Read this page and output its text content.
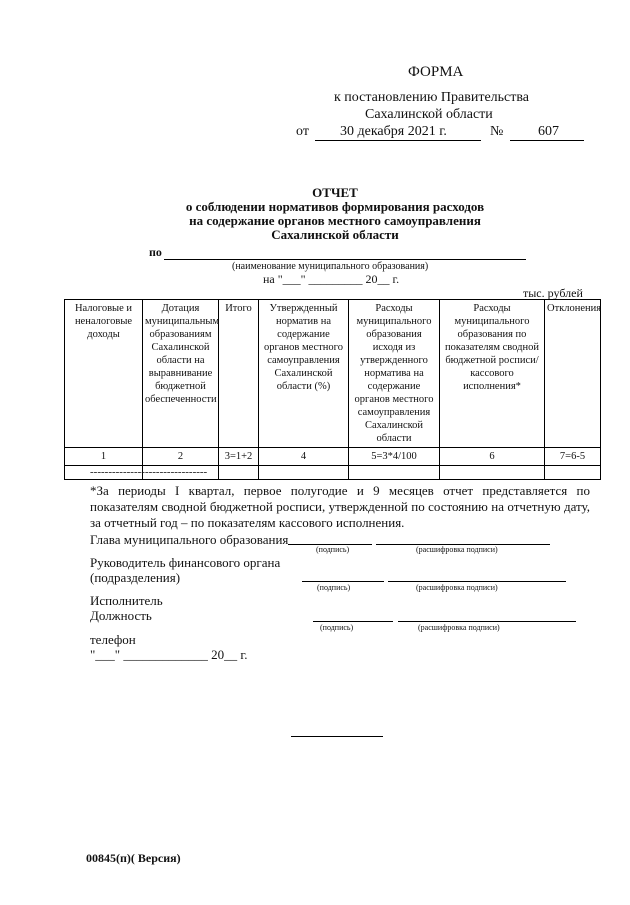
ФОРМА
к постановлению Правительства
Сахалинской области
от 30 декабря 2021 г.	№ 607
ОТЧЕТ
о соблюдении нормативов формирования расходов
на содержание органов местного самоуправления
Сахалинской области
по
(наименование муниципального образования)
на "___" _________ 20__ г.
тыс. рублей
Налоговые и неналоговые доходы	Дотация муниципальным образованиям Сахалинской области на выравнивание бюджетной обеспеченности	Итого	Утвержденный норматив на содержание органов местного самоуправления Сахалинской области (%)	Расходы муниципального образования исходя из утвержденного норматива на содержание органов местного самоуправления Сахалинской области	Расходы муниципального образования по показателям сводной бюджетной росписи/ кассового исполнения*	Отклонения
1	2	3=1+2	4	5=3*4/100	6	7=6-5

--------------------------------
*За периоды I квартал, первое полугодие и 9 месяцев отчет представляется по показателям сводной бюджетной росписи, утвержденной по состоянию на отчетную дату, за отчетный год – по показателям кассового исполнения.
Глава муниципального образования
(подпись)	(расшифровка подписи)
Руководитель финансового органа
(подразделения)
(подпись)	(расшифровка подписи)
Исполнитель
Должность
(подпись)	(расшифровка подписи)
телефон
"___" _____________ 20__ г.
00845(п)( Версия)
